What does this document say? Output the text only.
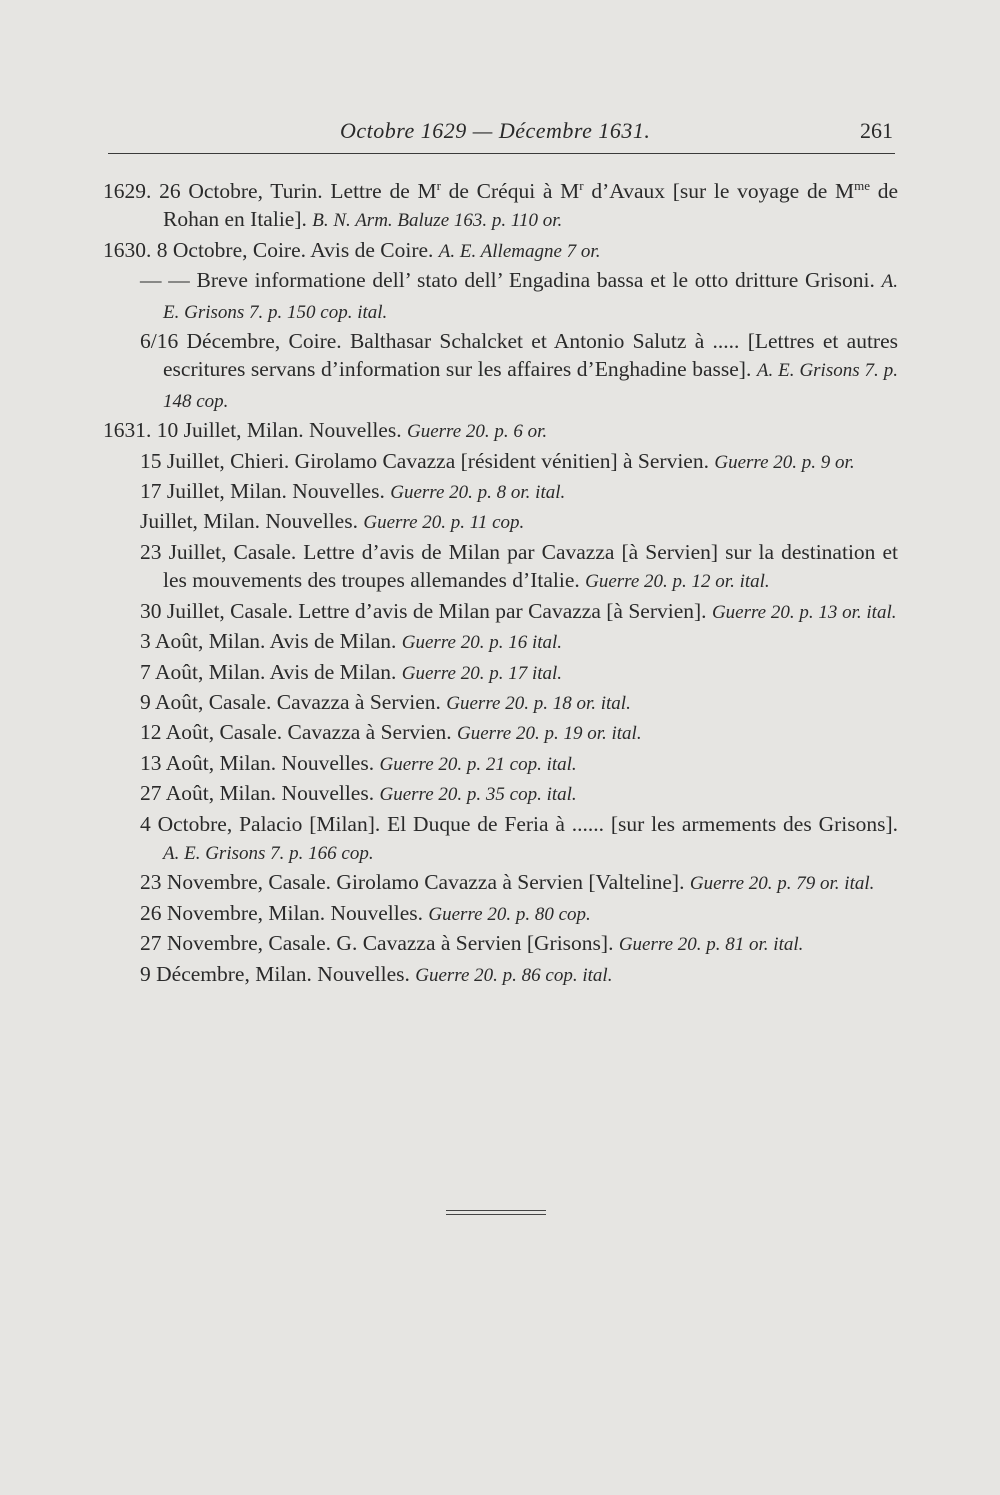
Octobre 1629 — Décembre 1631.	261
1629. 26 Octobre, Turin. Lettre de $M^r$ de Créqui à $M^r$ d’Avaux [sur le voyage de $M^{me}$ de Rohan en Italie]. B. N. Arm. Baluze 163. p. 110 or.
1630. 8 Octobre, Coire. Avis de Coire. A. E. Allemagne 7 or.
— — Breve informatione dell’ stato dell’ Engadina bassa et le otto dritture Grisoni. A. E. Grisons 7. p. 150 cop. ital.
6/16 Décembre, Coire. Balthasar Schalcket et Antonio Salutz à ..... [Lettres et autres escritures servans d’information sur les affaires d’Enghadine basse]. A. E. Grisons 7. p. 148 cop.
1631. 10 Juillet, Milan. Nouvelles. Guerre 20. p. 6 or.
15 Juillet, Chieri. Girolamo Cavazza [résident vénitien] à Servien. Guerre 20. p. 9 or.
17 Juillet, Milan. Nouvelles. Guerre 20. p. 8 or. ital.
Juillet, Milan. Nouvelles. Guerre 20. p. 11 cop.
23 Juillet, Casale. Lettre d’avis de Milan par Cavazza [à Servien] sur la destination et les mouvements des troupes allemandes d’Italie. Guerre 20. p. 12 or. ital.
30 Juillet, Casale. Lettre d’avis de Milan par Cavazza [à Servien]. Guerre 20. p. 13 or. ital.
3 Août, Milan. Avis de Milan. Guerre 20. p. 16 ital.
7 Août, Milan. Avis de Milan. Guerre 20. p. 17 ital.
9 Août, Casale. Cavazza à Servien. Guerre 20. p. 18 or. ital.
12 Août, Casale. Cavazza à Servien. Guerre 20. p. 19 or. ital.
13 Août, Milan. Nouvelles. Guerre 20. p. 21 cop. ital.
27 Août, Milan. Nouvelles. Guerre 20. p. 35 cop. ital.
4 Octobre, Palacio [Milan]. El Duque de Feria à ...... [sur les armements des Grisons]. A. E. Grisons 7. p. 166 cop.
23 Novembre, Casale. Girolamo Cavazza à Servien [Valteline]. Guerre 20. p. 79 or. ital.
26 Novembre, Milan. Nouvelles. Guerre 20. p. 80 cop.
27 Novembre, Casale. G. Cavazza à Servien [Grisons]. Guerre 20. p. 81 or. ital.
9 Décembre, Milan. Nouvelles. Guerre 20. p. 86 cop. ital.
